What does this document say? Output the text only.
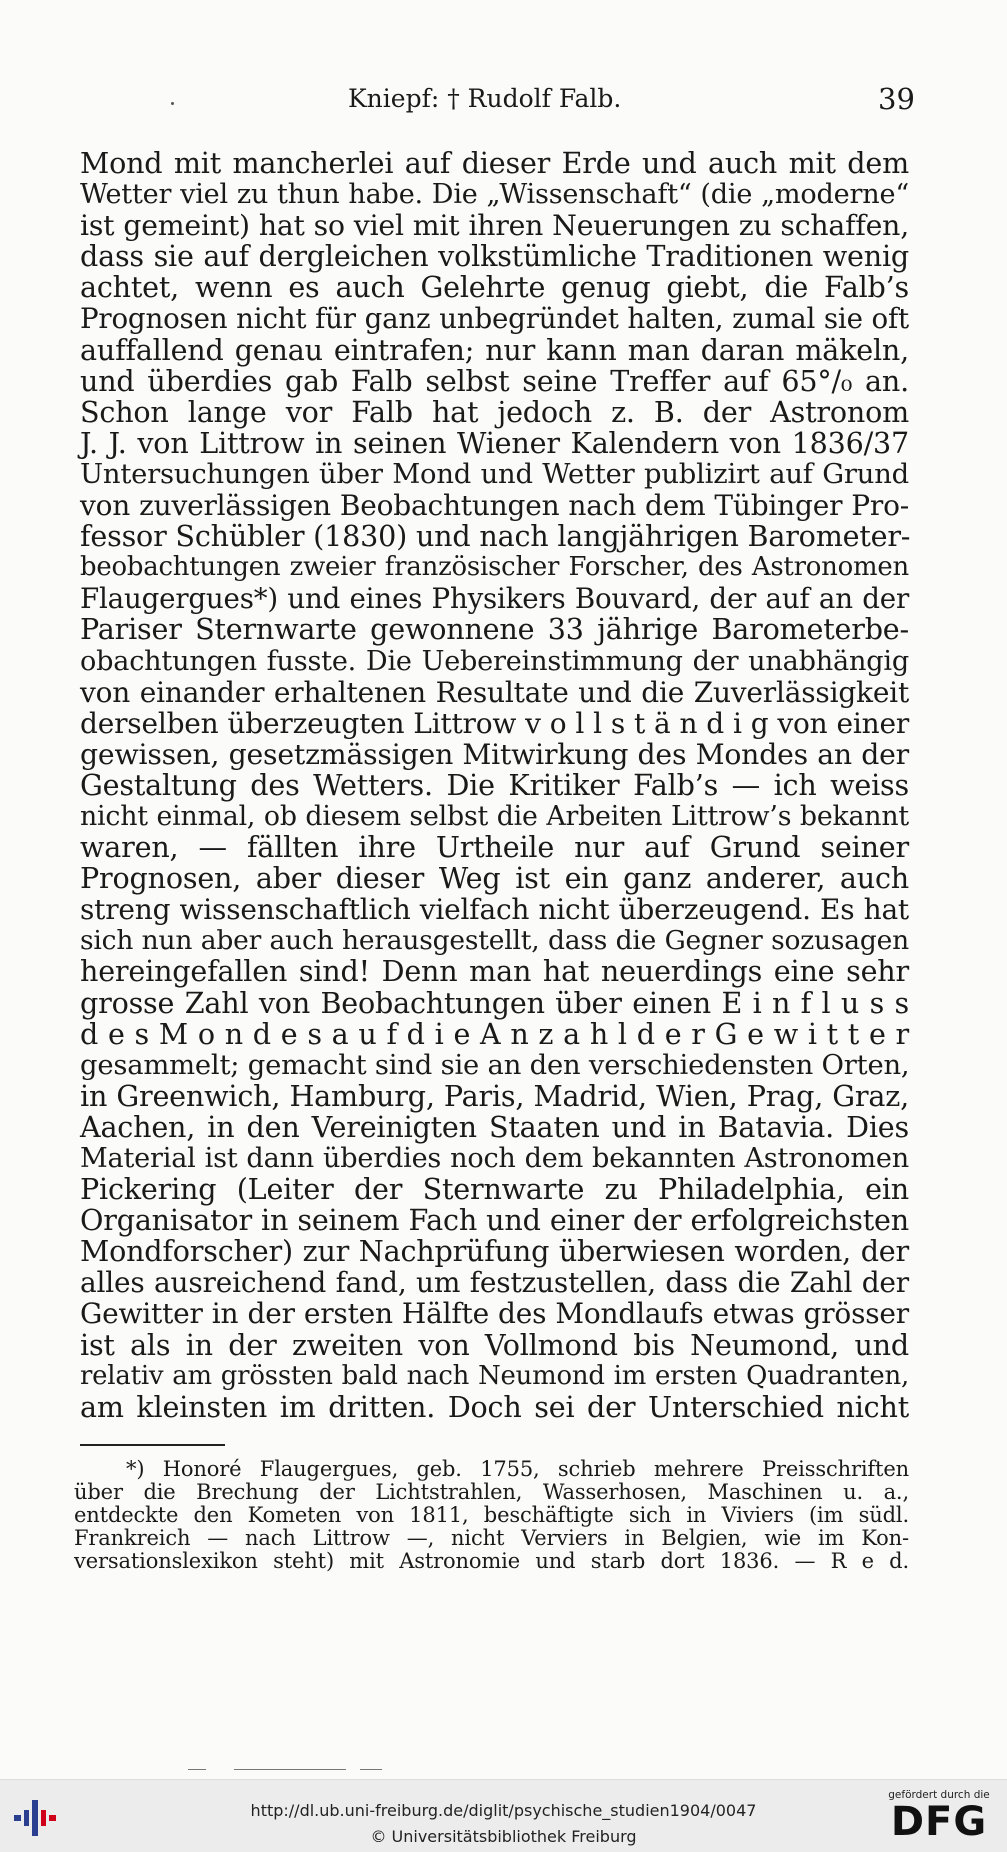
Kniepf: † Rudolf Falb.	39
Mond mit mancherlei auf dieser Erde und auch mit dem
Wetter viel zu thun habe. Die „Wissenschaft“ (die „moderne“
ist gemeint) hat so viel mit ihren Neuerungen zu schaffen,
dass sie auf dergleichen volkstümliche Traditionen wenig
achtet, wenn es auch Gelehrte genug giebt, die Falb’s
Prognosen nicht für ganz unbegründet halten, zumal sie oft
auffallend genau eintrafen; nur kann man daran mäkeln,
und überdies gab Falb selbst seine Treffer auf 65°/₀ an.
Schon lange vor Falb hat jedoch z. B. der Astronom
J. J. von Littrow in seinen Wiener Kalendern von 1836/37
Untersuchungen über Mond und Wetter publizirt auf Grund
von zuverlässigen Beobachtungen nach dem Tübinger Pro-
fessor Schübler (1830) und nach langjährigen Barometer-
beobachtungen zweier französischer Forscher, des Astronomen
Flaugergues*) und eines Physikers Bouvard, der auf an der
Pariser Sternwarte gewonnene 33 jährige Barometerbe-
obachtungen fusste. Die Uebereinstimmung der unabhängig
von einander erhaltenen Resultate und die Zuverlässigkeit
derselben überzeugten Littrow v o l l s t ä n d i g von einer
gewissen, gesetzmässigen Mitwirkung des Mondes an der
Gestaltung des Wetters. Die Kritiker Falb’s — ich weiss
nicht einmal, ob diesem selbst die Arbeiten Littrow’s bekannt
waren, — fällten ihre Urtheile nur auf Grund seiner
Prognosen, aber dieser Weg ist ein ganz anderer, auch
streng wissenschaftlich vielfach nicht überzeugend. Es hat
sich nun aber auch herausgestellt, dass die Gegner sozusagen
hereingefallen sind! Denn man hat neuerdings eine sehr
grosse Zahl von Beobachtungen über einen E i n f l u s s
d e s M o n d e s a u f d i e A n z a h l d e r G e w i t t e r
gesammelt; gemacht sind sie an den verschiedensten Orten,
in Greenwich, Hamburg, Paris, Madrid, Wien, Prag, Graz,
Aachen, in den Vereinigten Staaten und in Batavia. Dies
Material ist dann überdies noch dem bekannten Astronomen
Pickering (Leiter der Sternwarte zu Philadelphia, ein
Organisator in seinem Fach und einer der erfolgreichsten
Mondforscher) zur Nachprüfung überwiesen worden, der
alles ausreichend fand, um festzustellen, dass die Zahl der
Gewitter in der ersten Hälfte des Mondlaufs etwas grösser
ist als in der zweiten von Vollmond bis Neumond, und
relativ am grössten bald nach Neumond im ersten Quadranten,
am kleinsten im dritten. Doch sei der Unterschied nicht
*) Honoré Flaugergues, geb. 1755, schrieb mehrere Preisschriften
über die Brechung der Lichtstrahlen, Wasserhosen, Maschinen u. a.,
entdeckte den Kometen von 1811, beschäftigte sich in Viviers (im südl.
Frankreich — nach Littrow —, nicht Verviers in Belgien, wie im Kon-
versationslexikon steht) mit Astronomie und starb dort 1836. — R e d.
http://dl.ub.uni-freiburg.de/diglit/psychische_studien1904/0047
© Universitätsbibliothek Freiburg
gefördert durch die
DFG
